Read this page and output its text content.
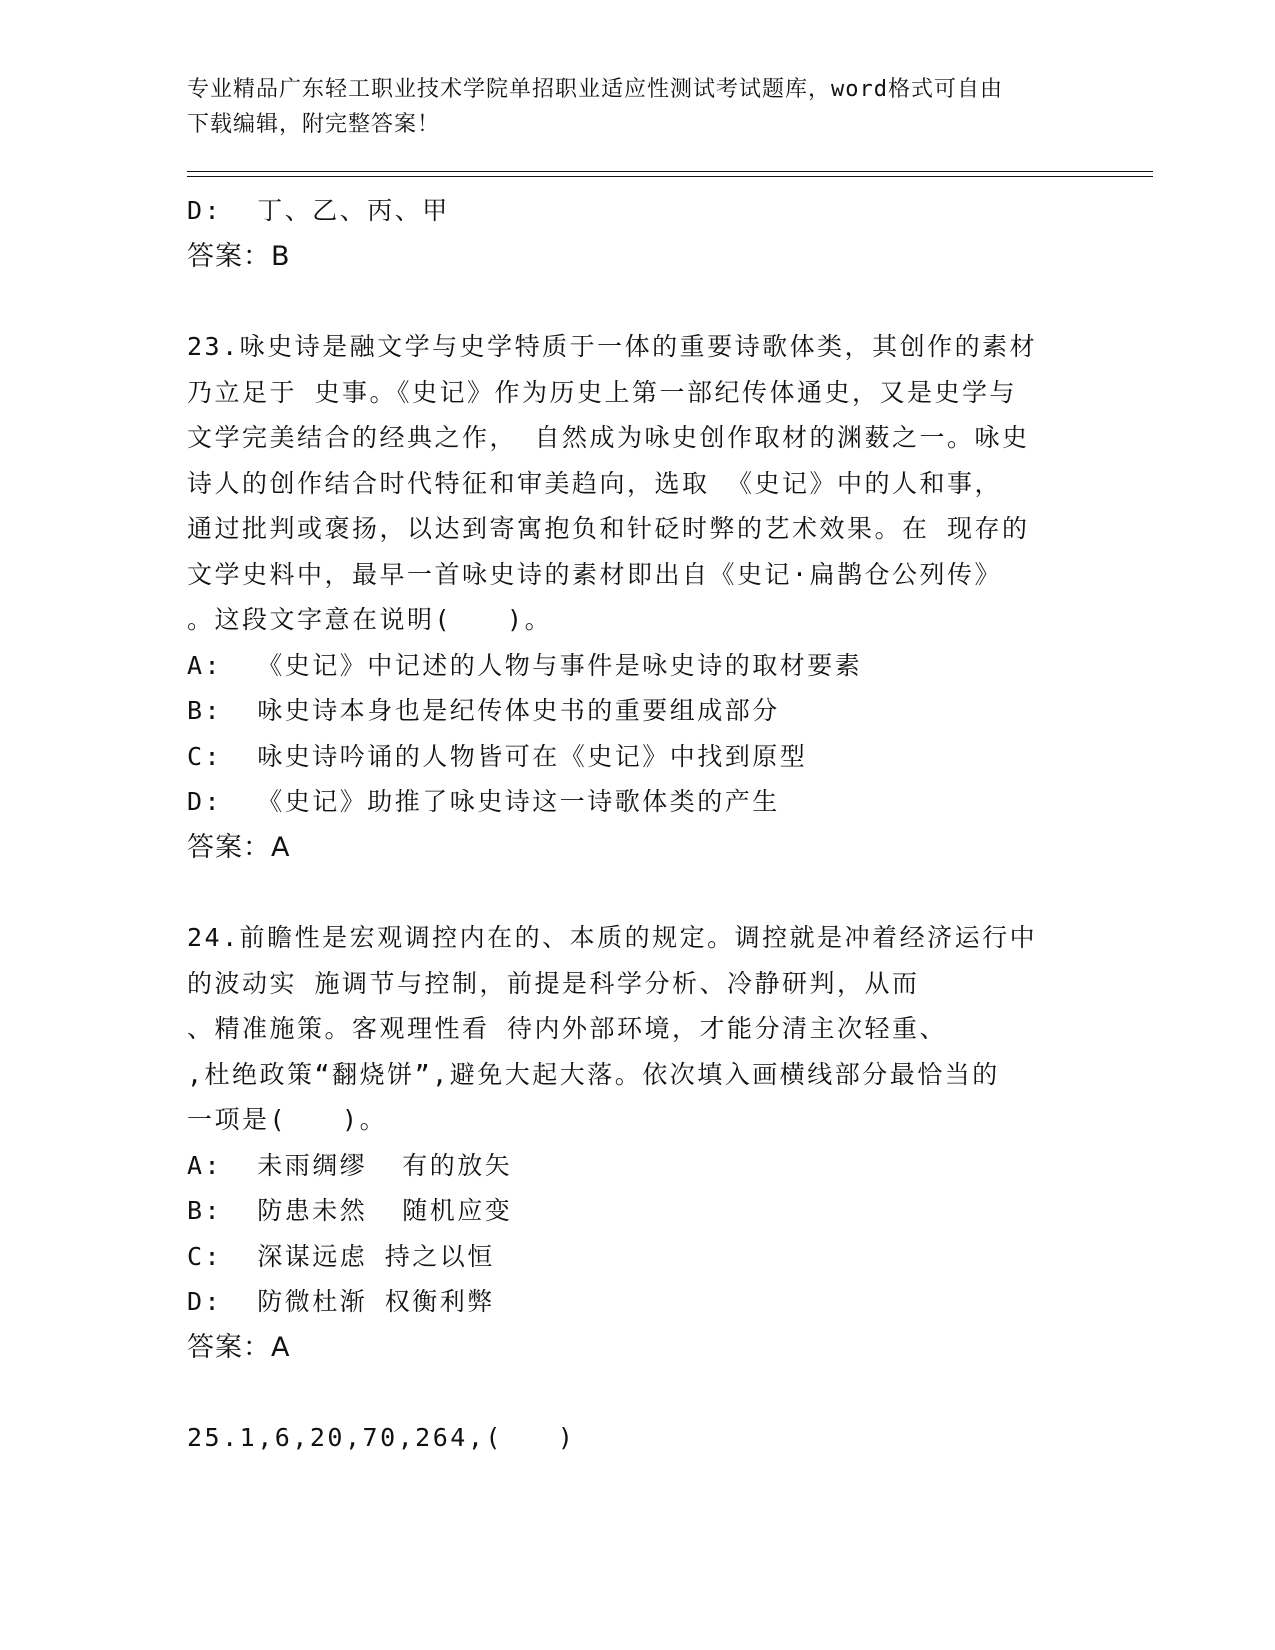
专业精品广东轻工职业技术学院单招职业适应性测试考试题库，word格式可自由
下载编辑，附完整答案！
D:  丁、乙、丙、甲
答案：B
23.咏史诗是融文学与史学特质于一体的重要诗歌体类，其创作的素材
乃立足于 史事。《史记》作为历史上第一部纪传体通史，又是史学与
文学完美结合的经典之作， 自然成为咏史创作取材的渊薮之一。咏史
诗人的创作结合时代特征和审美趋向，选取 《史记》中的人和事，
通过批判或褒扬，以达到寄寓抱负和针砭时弊的艺术效果。在 现存的
文学史料中，最早一首咏史诗的素材即出自《史记·扁鹊仓公列传》
。这段文字意在说明(　　)。
A:  《史记》中记述的人物与事件是咏史诗的取材要素
B:  咏史诗本身也是纪传体史书的重要组成部分
C:  咏史诗吟诵的人物皆可在《史记》中找到原型
D:  《史记》助推了咏史诗这一诗歌体类的产生
答案：A
24.前瞻性是宏观调控内在的、本质的规定。调控就是冲着经济运行中
的波动实 施调节与控制，前提是科学分析、冷静研判，从而
、精准施策。客观理性看 待内外部环境，才能分清主次轻重、
,杜绝政策“翻烧饼”,避免大起大落。依次填入画横线部分最恰当的
一项是(　　)。
A:  未雨绸缪  有的放矢
B:  防患未然  随机应变
C:  深谋远虑 持之以恒
D:  防微杜渐 权衡利弊
答案：A
25.1,6,20,70,264,(　　)
